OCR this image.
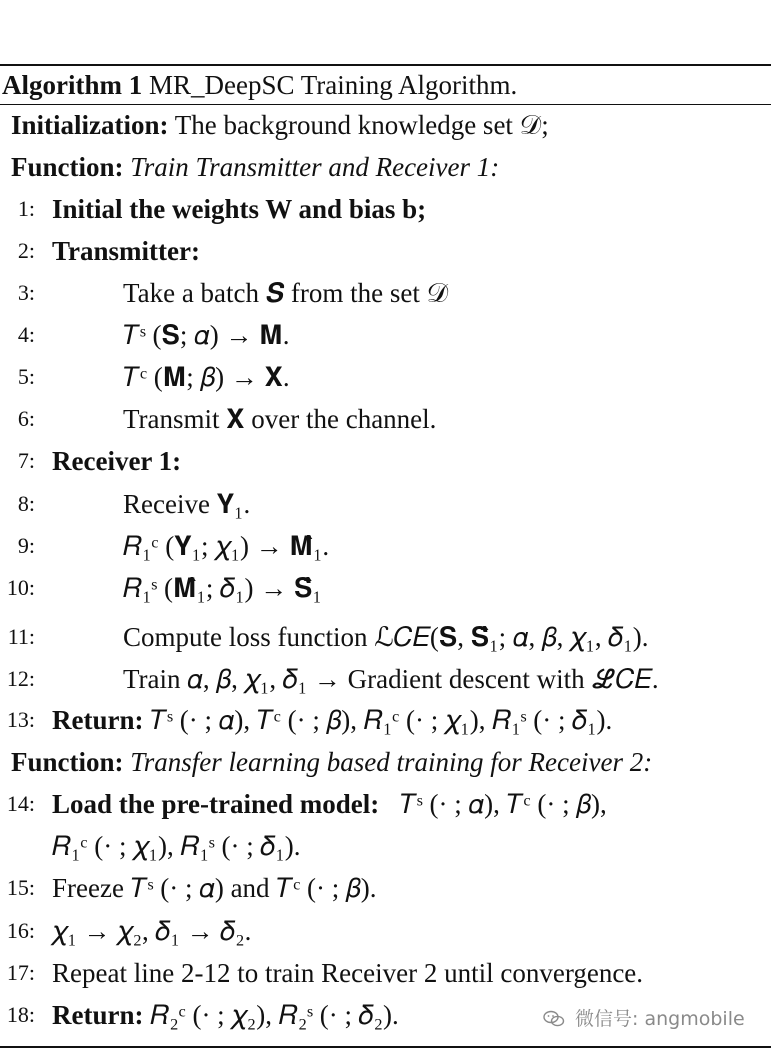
Algorithm 1 MR_DeepSC Training Algorithm.
Initialization: The background knowledge set 𝒟;
Function: Train Transmitter and Receiver 1:
1: Initial the weights W and bias b;
2: Transmitter:
3:	Take a batch 𝑺 from the set 𝒟
4:	𝑇ˢ (𝐒; 𝛼) → 𝐌.
5:	𝑇ᶜ (𝐌; 𝛽) → 𝐗.
6:	Transmit 𝐗 over the channel.
7: Receiver 1:
8:	Receive 𝐘₁.
9:	𝑅₁ᶜ (𝐘₁; 𝜒₁) → 𝐌̂₁.
10:	𝑅₁ˢ (𝐌̂₁; 𝛿₁) → 𝐒̂₁
11:	Compute loss function ℒ𝐶𝐸(𝐒, 𝐒̂₁; 𝛼, 𝛽, 𝜒₁, 𝛿₁).
12:	Train 𝛼, 𝛽, 𝜒₁, 𝛿₁ → Gradient descent with ℒ𝐶𝐸.
13: Return: 𝑇ˢ (· ; 𝛼), 𝑇ᶜ (· ; 𝛽), 𝑅₁ᶜ (· ; 𝜒₁), 𝑅₁ˢ (· ; 𝛿₁).
Function: Transfer learning based training for Receiver 2:
14: Load the pre-trained model: 𝑇ˢ (· ; 𝛼), 𝑇ᶜ (· ; 𝛽),
𝑅₁ᶜ (· ; 𝜒₁), 𝑅₁ˢ (· ; 𝛿₁).
15: Freeze 𝑇ˢ (· ; 𝛼) and 𝑇ᶜ (· ; 𝛽).
16: 𝜒₁ → 𝜒₂, 𝛿₁ → 𝛿₂.
17: Repeat line 2-12 to train Receiver 2 until convergence.
18: Return: 𝑅₂ᶜ (· ; 𝜒₂), 𝑅₂ˢ (· ; 𝛿₂).	微信号: angmobile
